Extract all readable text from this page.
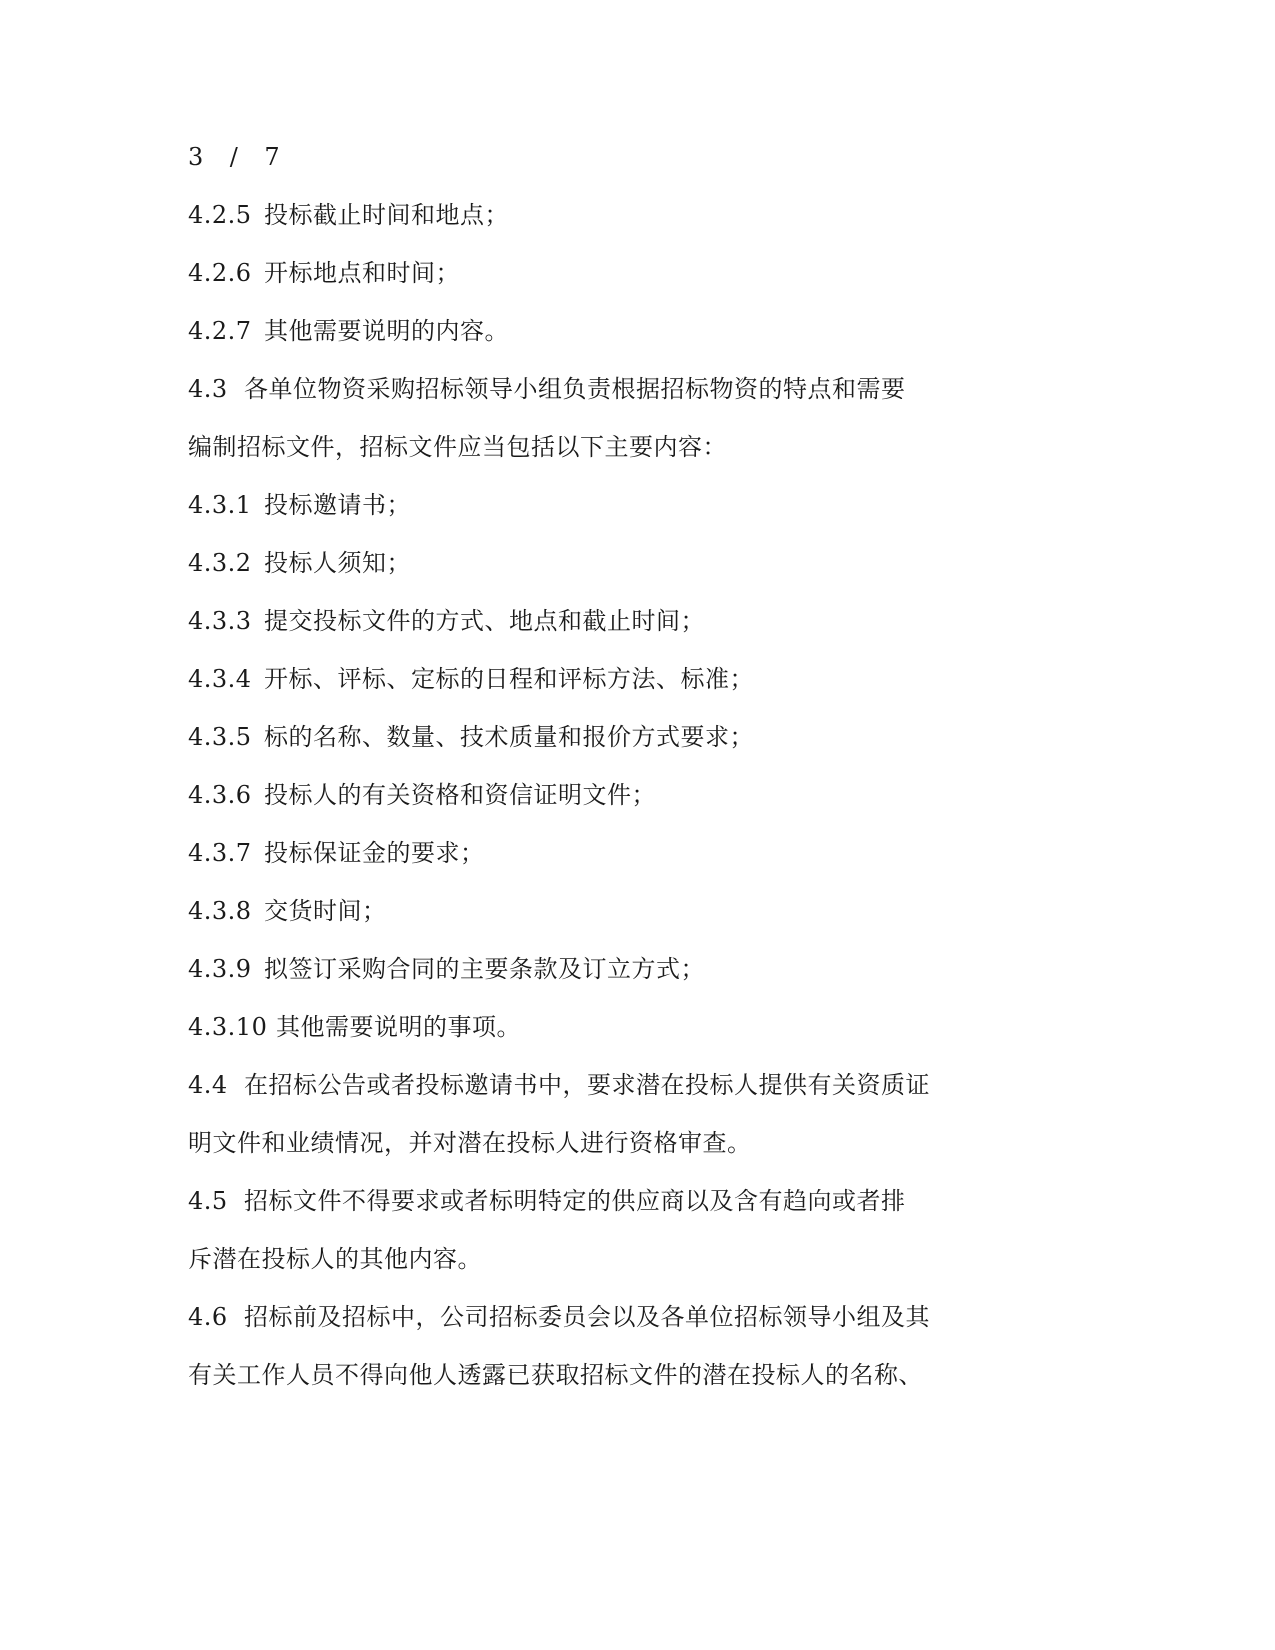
3 / 7
4.2.5 投标截止时间和地点；
4.2.6 开标地点和时间；
4.2.7 其他需要说明的内容。
4.3 各单位物资采购招标领导小组负责根据招标物资的特点和需要
编制招标文件，招标文件应当包括以下主要内容：
4.3.1 投标邀请书；
4.3.2 投标人须知；
4.3.3 提交投标文件的方式、地点和截止时间；
4.3.4 开标、评标、定标的日程和评标方法、标准；
4.3.5 标的名称、数量、技术质量和报价方式要求；
4.3.6 投标人的有关资格和资信证明文件；
4.3.7 投标保证金的要求；
4.3.8 交货时间；
4.3.9 拟签订采购合同的主要条款及订立方式；
4.3.10 其他需要说明的事项。
4.4 在招标公告或者投标邀请书中，要求潜在投标人提供有关资质证
明文件和业绩情况，并对潜在投标人进行资格审查。
4.5 招标文件不得要求或者标明特定的供应商以及含有趋向或者排
斥潜在投标人的其他内容。
4.6 招标前及招标中，公司招标委员会以及各单位招标领导小组及其
有关工作人员不得向他人透露已获取招标文件的潜在投标人的名称、
